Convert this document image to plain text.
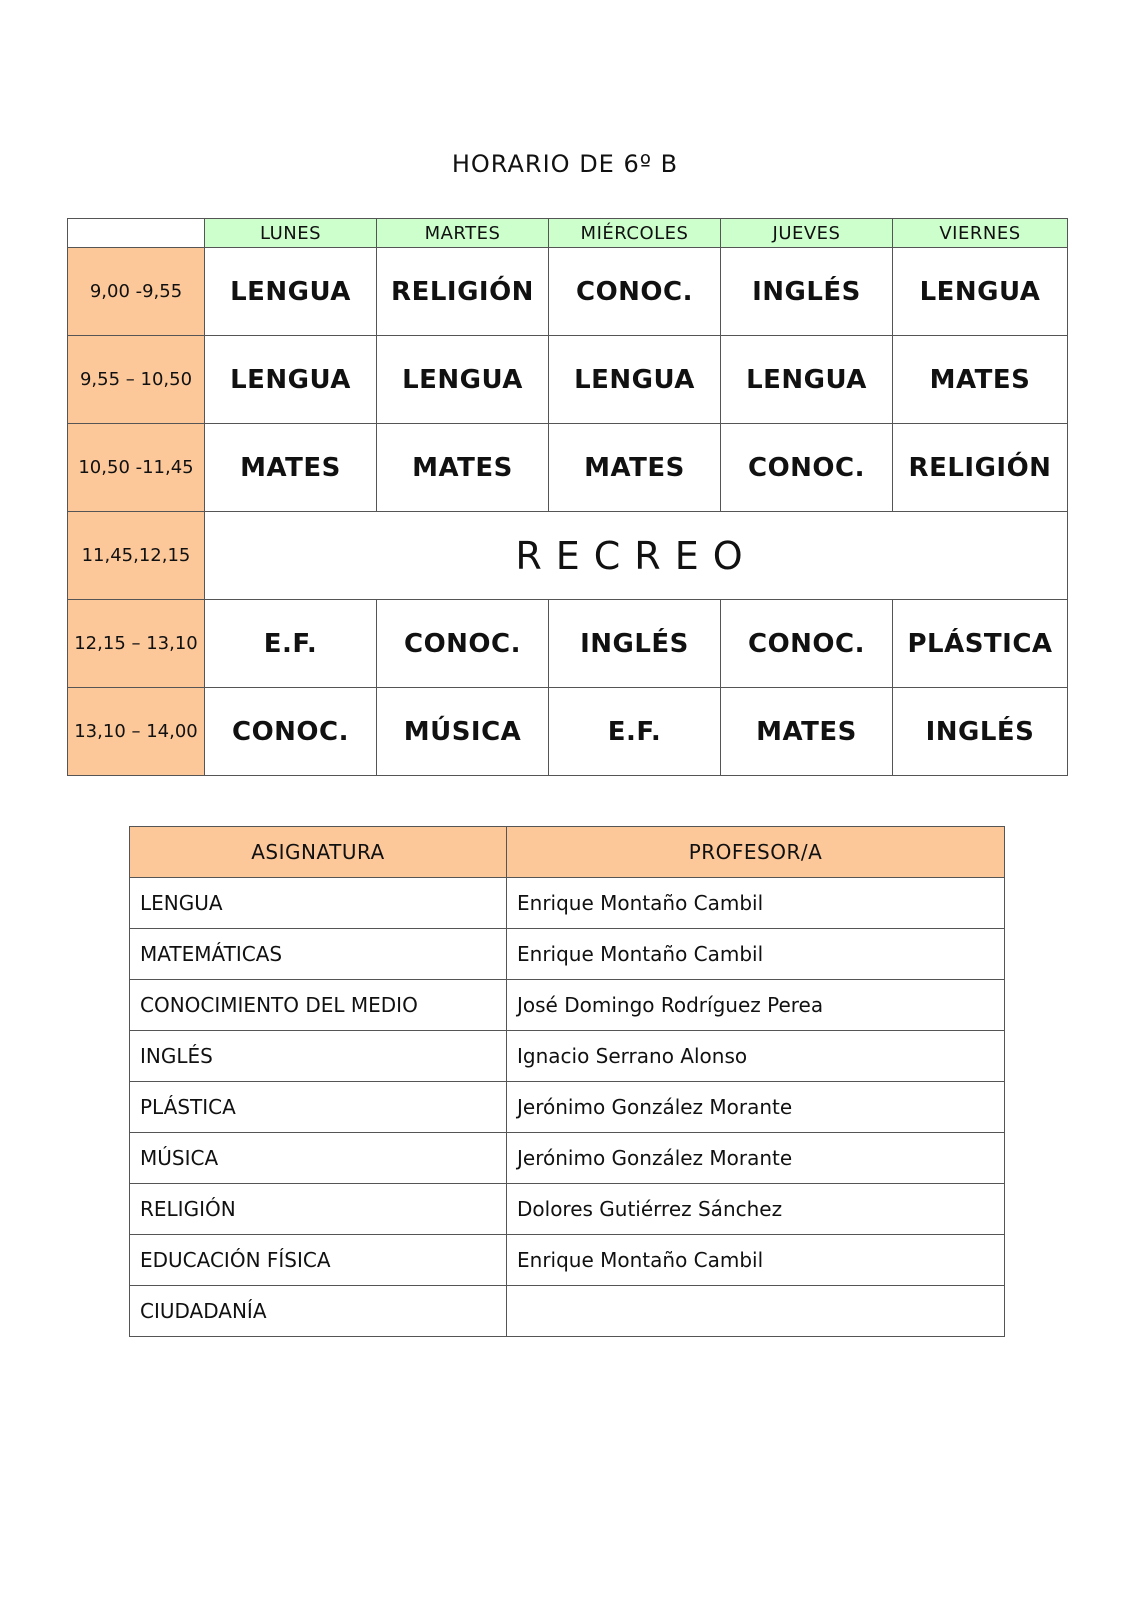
HORARIO DE 6º B
	LUNES	MARTES	MIÉRCOLES	JUEVES	VIERNES
9,00 -9,55	LENGUA	RELIGIÓN	CONOC.	INGLÉS	LENGUA
9,55 – 10,50	LENGUA	LENGUA	LENGUA	LENGUA	MATES
10,50 -11,45	MATES	MATES	MATES	CONOC.	RELIGIÓN
11,45,12,15	RECREO				
12,15 – 13,10	E.F.	CONOC.	INGLÉS	CONOC.	PLÁSTICA
13,10 – 14,00	CONOC.	MÚSICA	E.F.	MATES	INGLÉS
ASIGNATURA	PROFESOR/A
LENGUA	Enrique Montaño Cambil
MATEMÁTICAS	Enrique Montaño Cambil
CONOCIMIENTO DEL MEDIO	José Domingo Rodríguez Perea
INGLÉS	Ignacio Serrano Alonso
PLÁSTICA	Jerónimo González Morante
MÚSICA	Jerónimo González Morante
RELIGIÓN	Dolores Gutiérrez Sánchez
EDUCACIÓN FÍSICA	Enrique Montaño Cambil
CIUDADANÍA	
